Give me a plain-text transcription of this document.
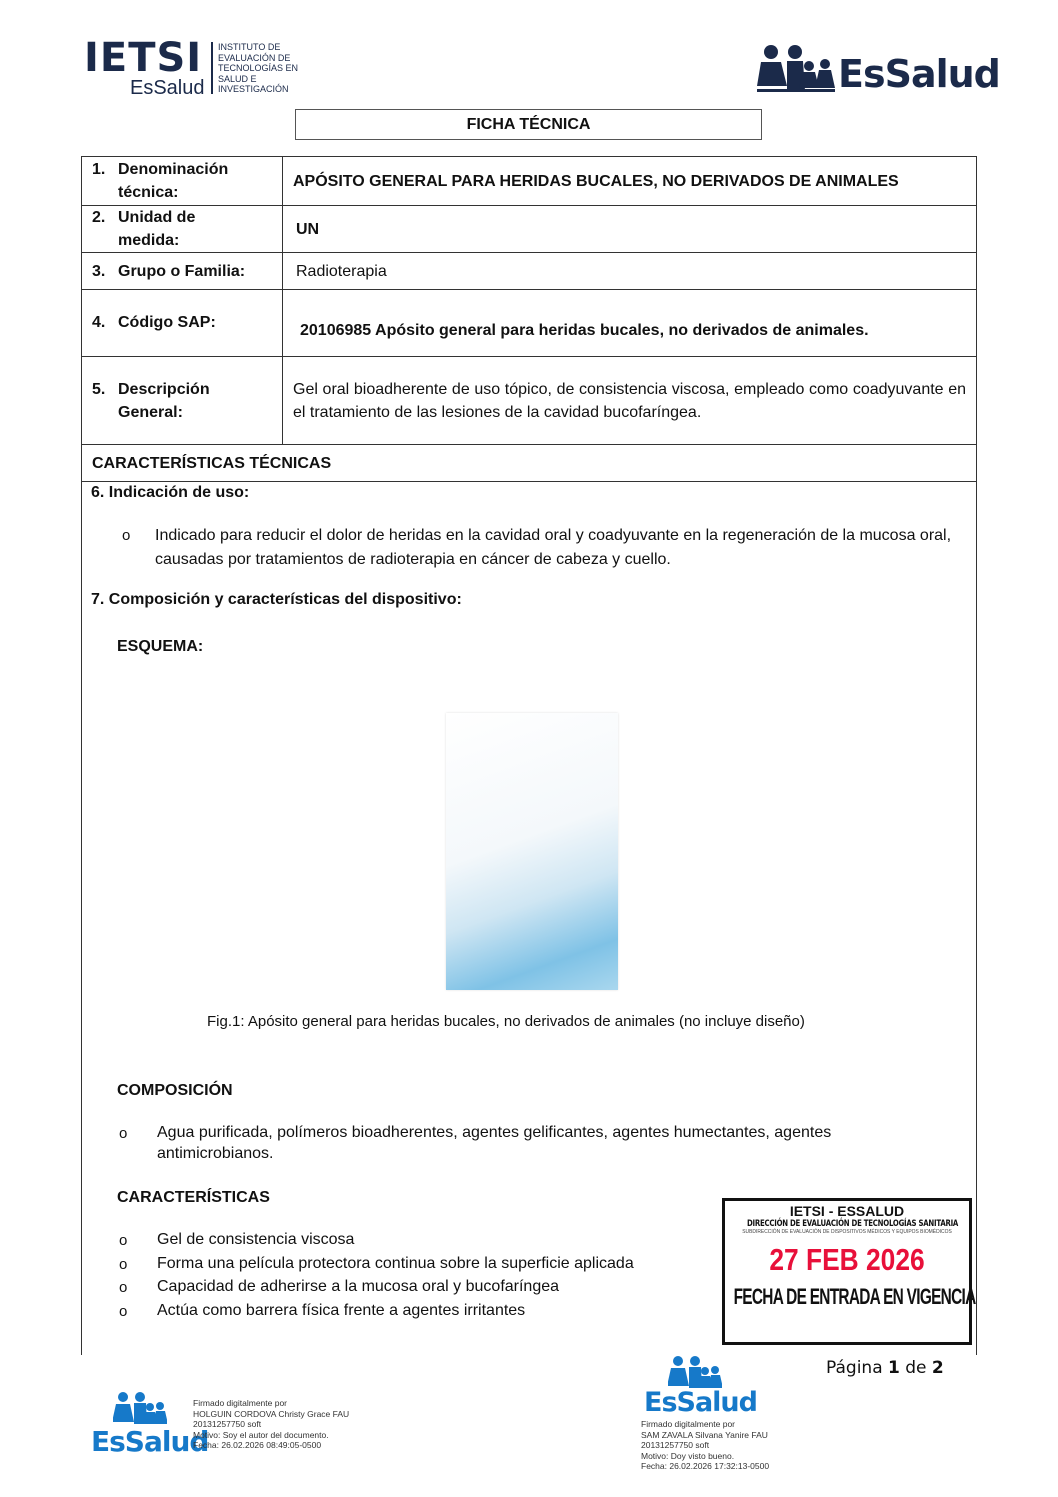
IETSI
EsSalud
INSTITUTO DE
EVALUACIÓN DE
TECNOLOGÍAS EN
SALUD E
INVESTIGACIÓN	EsSalud
FICHA TÉCNICA
1. Denominación técnica:	APÓSITO GENERAL PARA HERIDAS BUCALES, NO DERIVADOS DE ANIMALES
2. Unidad de medida:	UN
3. Grupo o Familia:	Radioterapia
4. Código SAP:	20106985 Apósito general para heridas bucales, no derivados de animales.
5. Descripción General:	Gel oral bioadherente de uso tópico, de consistencia viscosa, empleado como coadyuvante en el tratamiento de las lesiones de la cavidad bucofaríngea.
CARACTERÍSTICAS TÉCNICAS	
6. Indicación de uso:
o Indicado para reducir el dolor de heridas en la cavidad oral y coadyuvante en la regeneración de la mucosa oral, causadas por tratamientos de radioterapia en cáncer de cabeza y cuello.
7. Composición y características del dispositivo:
ESQUEMA:
Fig.1: Apósito general para heridas bucales, no derivados de animales (no incluye diseño)
COMPOSICIÓN
o Agua purificada, polímeros bioadherentes, agentes gelificantes, agentes humectantes, agentes antimicrobianos.
CARACTERÍSTICAS
o
o
o
o
Gel de consistencia viscosa
Forma una película protectora continua sobre la superficie aplicada
Capacidad de adherirse a la mucosa oral y bucofaríngea
Actúa como barrera física frente a agentes irritantes
IETSI - ESSALUD
DIRECCIÓN DE EVALUACIÓN DE TECNOLOGÍAS SANITARIA
SUBDIRECCIÓN DE EVALUACIÓN DE DISPOSITIVOS MÉDICOS Y EQUIPOS BIOMÉDICOS
27 FEB 2026
FECHA DE ENTRADA EN VIGENCIA
Página 1 de 2
EsSalud
Firmado digitalmente por
HOLGUIN CORDOVA Christy Grace FAU
20131257750 soft
Motivo: Soy el autor del documento.
Fecha: 26.02.2026 08:49:05-0500
EsSalud
Firmado digitalmente por
SAM ZAVALA Silvana Yanire FAU
20131257750 soft
Motivo: Doy visto bueno.
Fecha: 26.02.2026 17:32:13-0500
